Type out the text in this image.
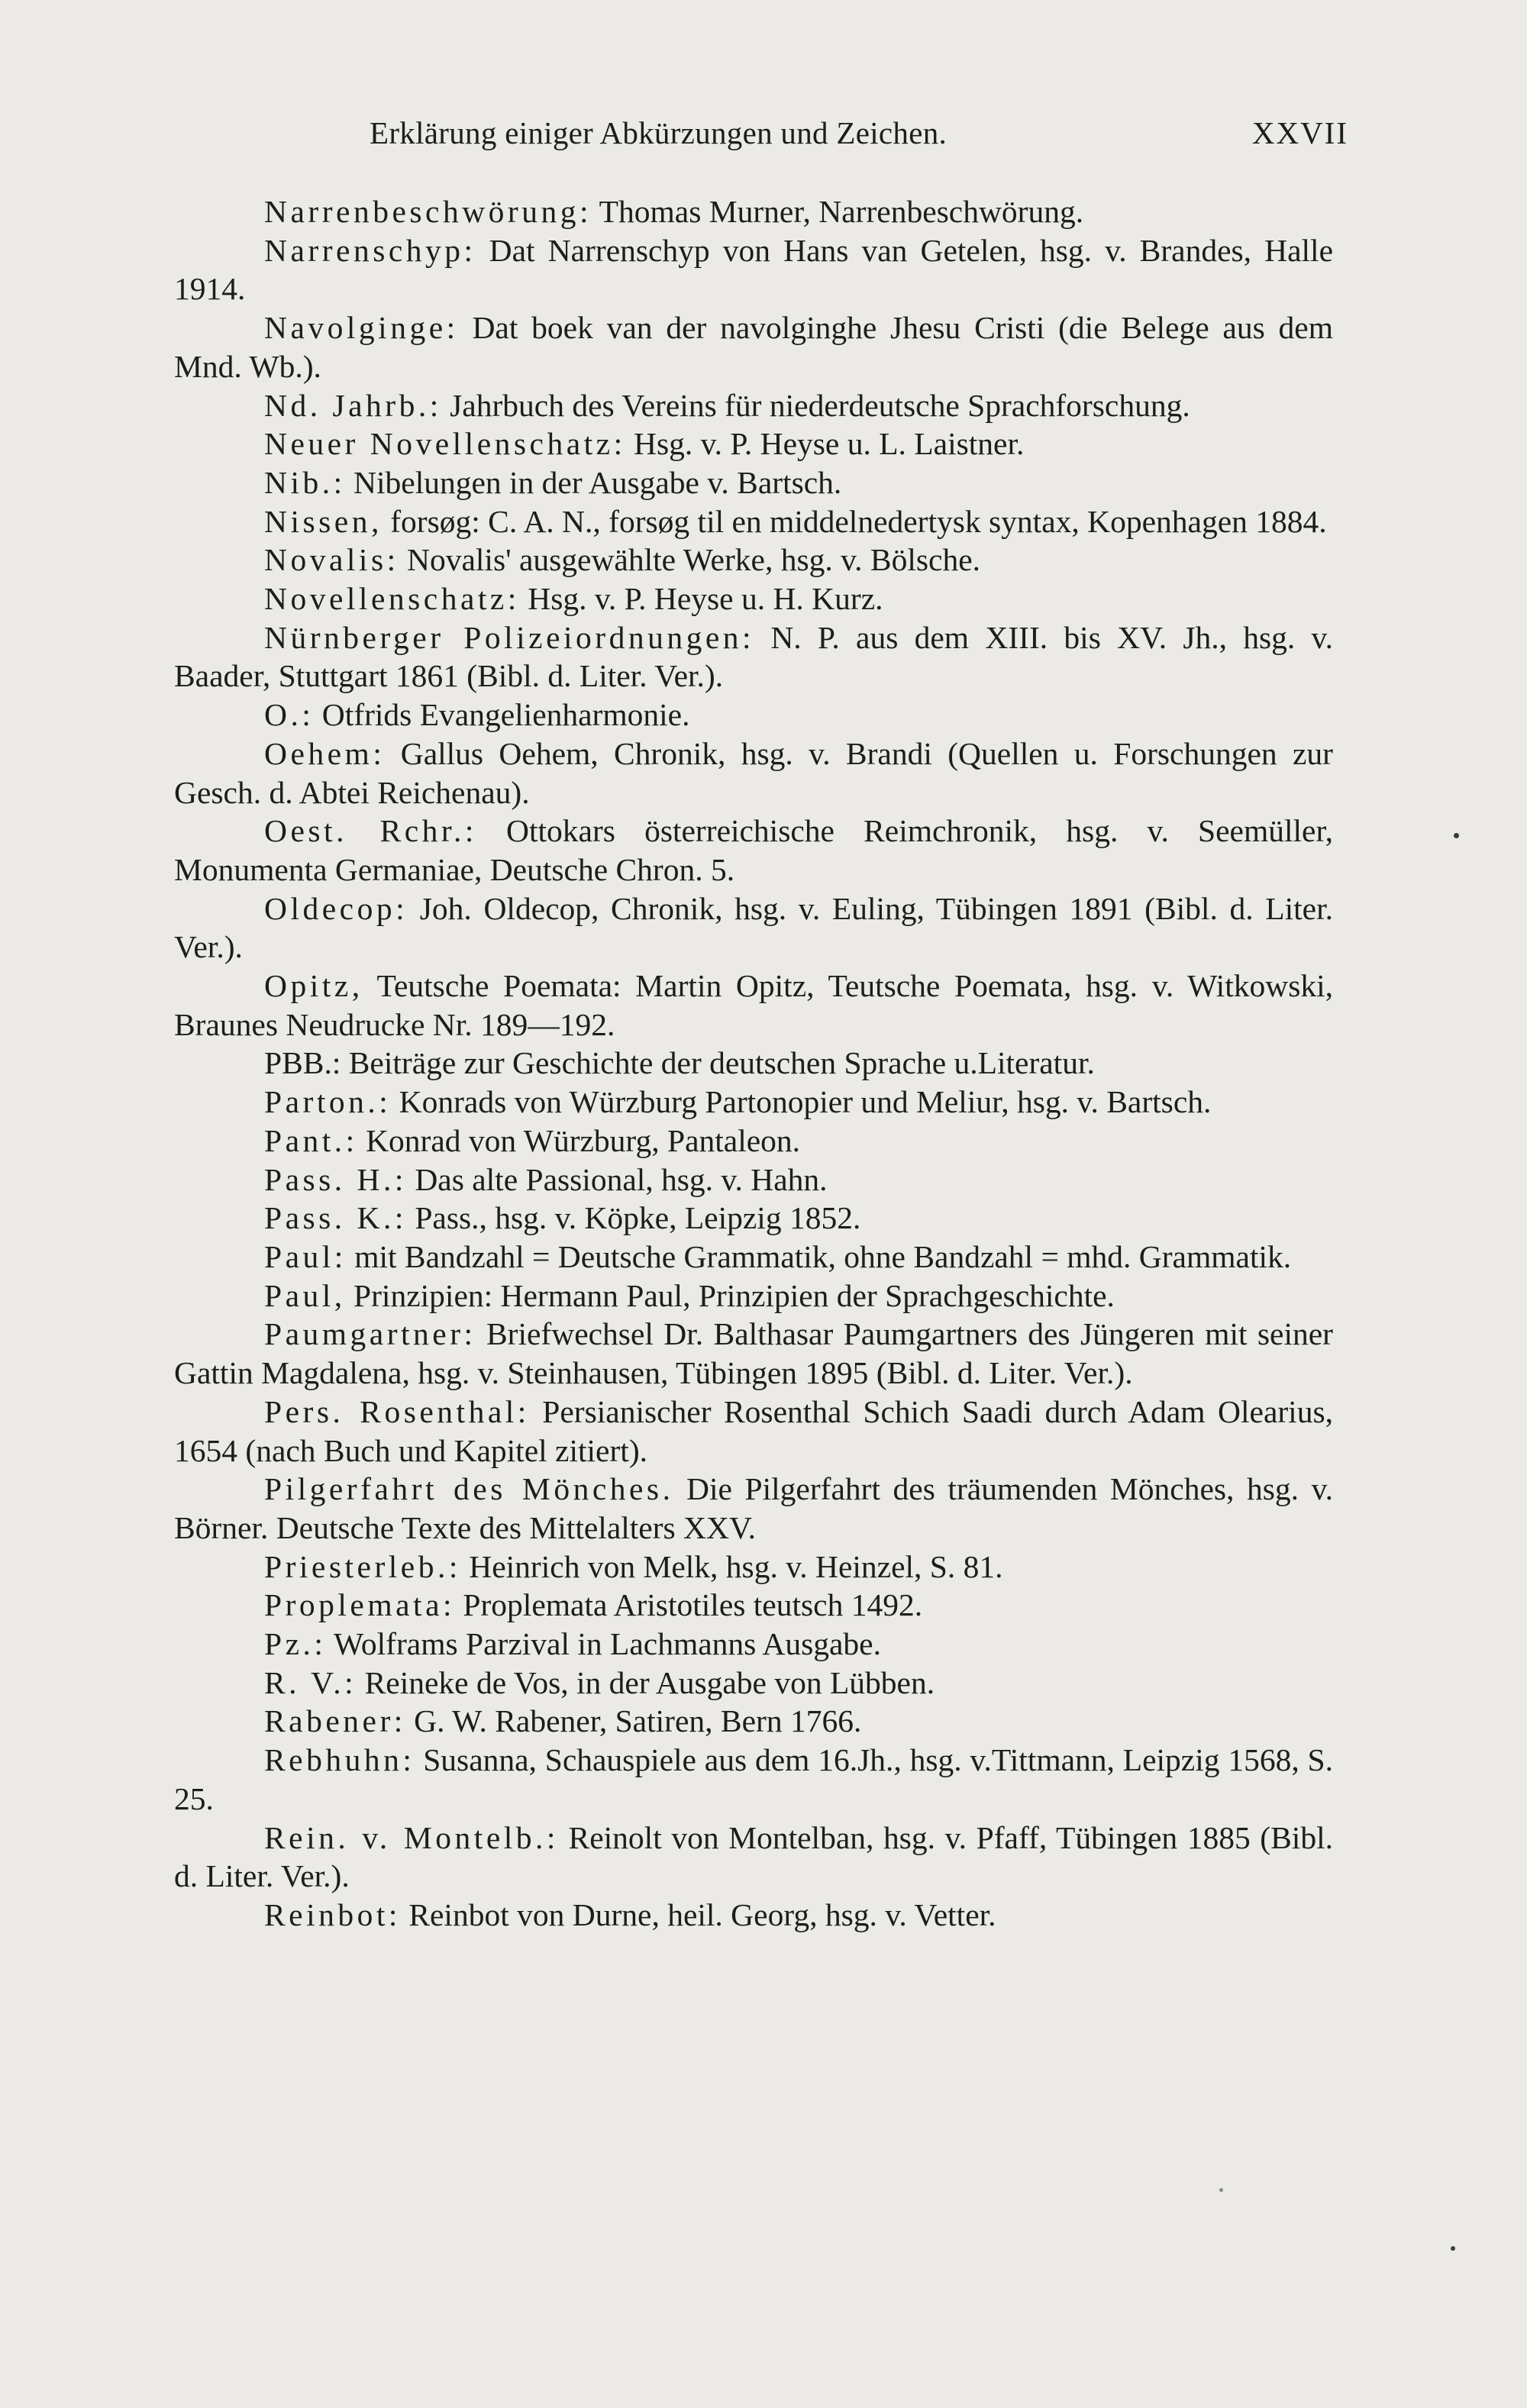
Erklärung einiger Abkürzungen und Zeichen.	XXVII

Narrenbeschwörung: Thomas Murner, Narrenbeschwörung.

Narrenschyp: Dat Narrenschyp von Hans van Getelen, hsg. v. Brandes, Halle 1914.

Navolginge: Dat boek van der navolginghe Jhesu Cristi (die Belege aus dem Mnd. Wb.).

Nd. Jahrb.: Jahrbuch des Vereins für niederdeutsche Sprachforschung.

Neuer Novellenschatz: Hsg. v. P. Heyse u. L. Laistner.

Nib.: Nibelungen in der Ausgabe v. Bartsch.

Nissen, forsøg: C. A. N., forsøg til en middelnedertysk syntax, Kopenhagen 1884.

Novalis: Novalis' ausgewählte Werke, hsg. v. Bölsche.

Novellenschatz: Hsg. v. P. Heyse u. H. Kurz.

Nürnberger Polizeiordnungen: N. P. aus dem XIII. bis XV. Jh., hsg. v. Baader, Stuttgart 1861 (Bibl. d. Liter. Ver.).

O.: Otfrids Evangelienharmonie.

Oehem: Gallus Oehem, Chronik, hsg. v. Brandi (Quellen u. Forschungen zur Gesch. d. Abtei Reichenau).

Oest. Rchr.: Ottokars österreichische Reimchronik, hsg. v. Seemüller, Monumenta Germaniae, Deutsche Chron. 5.

Oldecop: Joh. Oldecop, Chronik, hsg. v. Euling, Tübingen 1891 (Bibl. d. Liter. Ver.).

Opitz, Teutsche Poemata: Martin Opitz, Teutsche Poemata, hsg. v. Witkowski, Braunes Neudrucke Nr. 189—192.

PBB.: Beiträge zur Geschichte der deutschen Sprache u.Literatur.

Parton.: Konrads von Würzburg Partonopier und Meliur, hsg. v. Bartsch.

Pant.: Konrad von Würzburg, Pantaleon.

Pass. H.: Das alte Passional, hsg. v. Hahn.

Pass. K.: Pass., hsg. v. Köpke, Leipzig 1852.

Paul: mit Bandzahl = Deutsche Grammatik, ohne Bandzahl = mhd. Grammatik.

Paul, Prinzipien: Hermann Paul, Prinzipien der Sprachgeschichte.

Paumgartner: Briefwechsel Dr. Balthasar Paumgartners des Jüngeren mit seiner Gattin Magdalena, hsg. v. Steinhausen, Tübingen 1895 (Bibl. d. Liter. Ver.).

Pers. Rosenthal: Persianischer Rosenthal Schich Saadi durch Adam Olearius, 1654 (nach Buch und Kapitel zitiert).

Pilgerfahrt des Mönches. Die Pilgerfahrt des träumenden Mönches, hsg. v. Börner. Deutsche Texte des Mittelalters XXV.

Priesterleb.: Heinrich von Melk, hsg. v. Heinzel, S. 81.

Proplemata: Proplemata Aristotiles teutsch 1492.

Pz.: Wolframs Parzival in Lachmanns Ausgabe.

R. V.: Reineke de Vos, in der Ausgabe von Lübben.

Rabener: G. W. Rabener, Satiren, Bern 1766.

Rebhuhn: Susanna, Schauspiele aus dem 16.Jh., hsg. v.Tittmann, Leipzig 1568, S. 25.

Rein. v. Montelb.: Reinolt von Montelban, hsg. v. Pfaff, Tübingen 1885 (Bibl. d. Liter. Ver.).

Reinbot: Reinbot von Durne, heil. Georg, hsg. v. Vetter.
